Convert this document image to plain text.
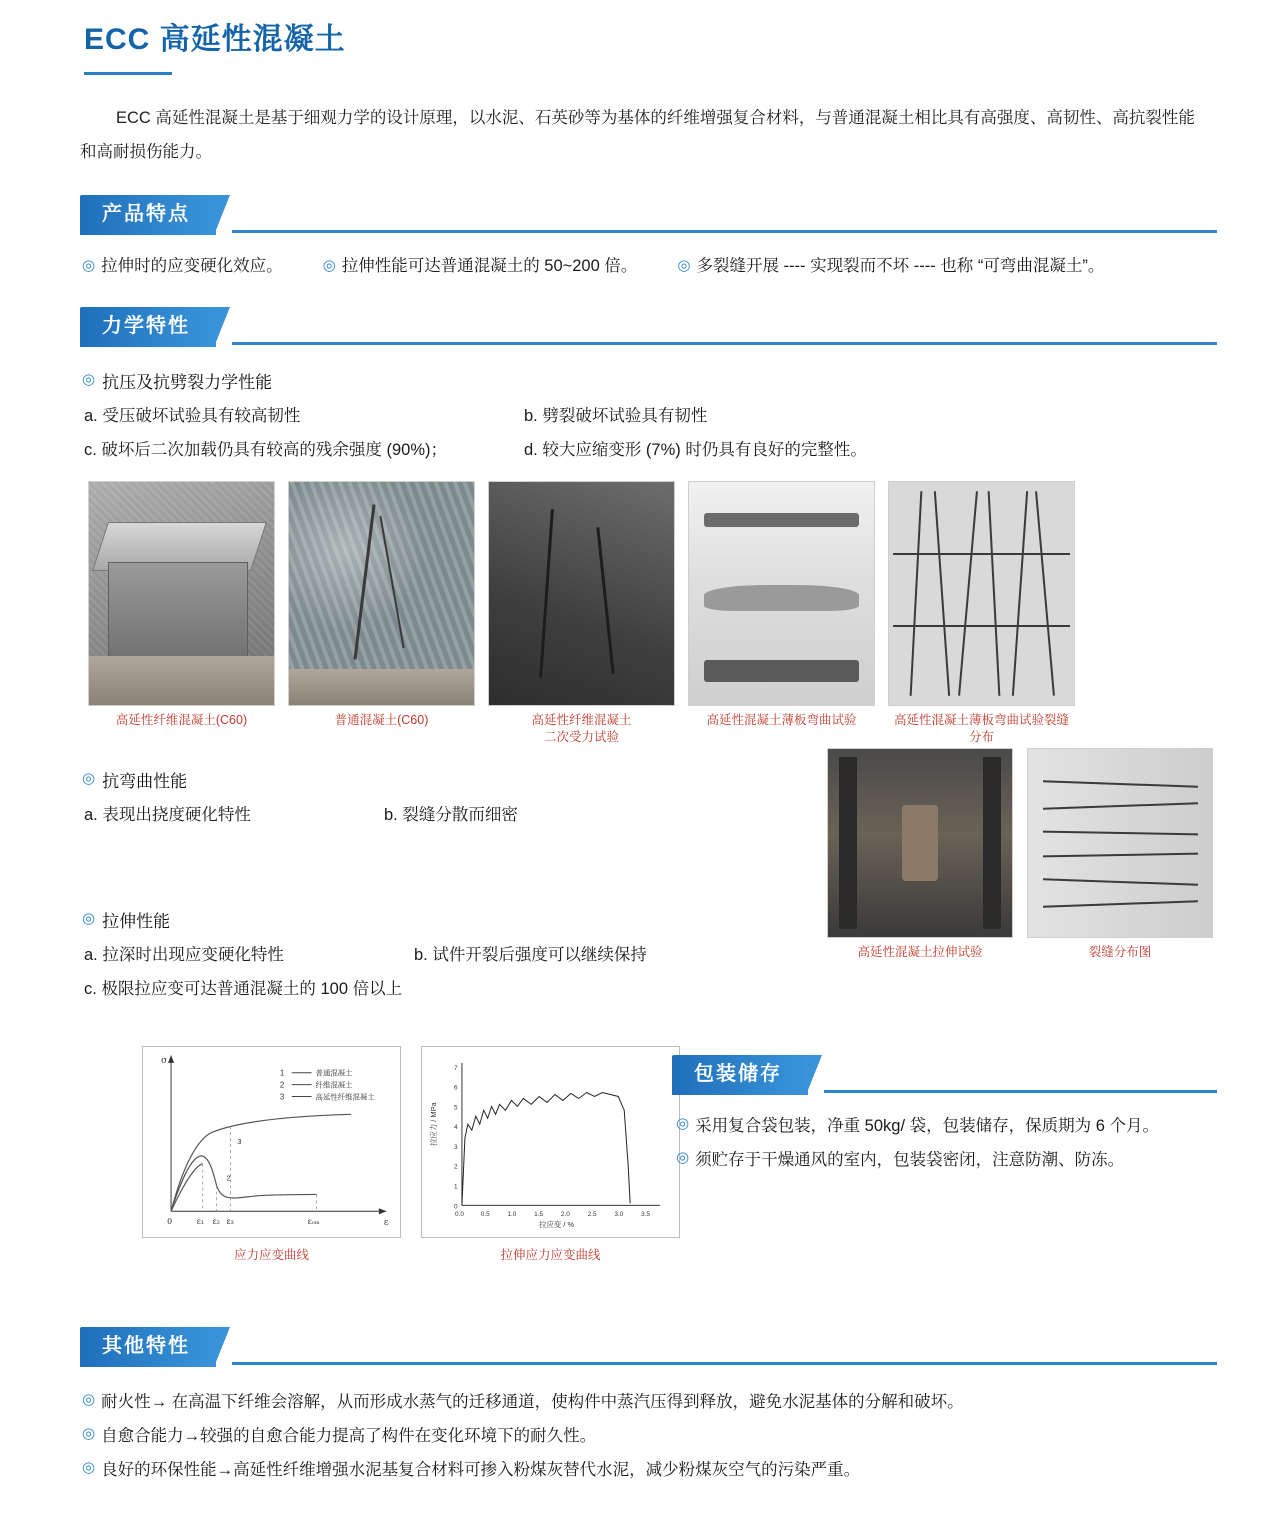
ECC 高延性混凝土

ECC 高延性混凝土是基于细观力学的设计原理，以水泥、石英砂等为基体的纤维增强复合材料，与普通混凝土相比具有高强度、高韧性、高抗裂性能和高耐损伤能力。

产品特点
◎ 拉伸时的应变硬化效应。	◎ 拉伸性能可达普通混凝土的 50~200 倍。	◎ 多裂缝开展 ---- 实现裂而不坏 ---- 也称 “可弯曲混凝土”。
力学特性
◎ 抗压及抗劈裂力学性能
a. 受压破坏试验具有较高韧性	b. 劈裂破坏试验具有韧性
c. 破坏后二次加载仍具有较高的残余强度 (90%)；	d. 较大应缩变形 (7%) 时仍具有良好的完整性。
高延性纤维混凝土(C60)	普通混凝土(C60)	高延性纤维混凝土
二次受力试验
高延性混凝土薄板弯曲试验	高延性混凝土薄板弯曲试验裂缝分布
◎ 抗弯曲性能
a. 表现出挠度硬化特性	b. 裂缝分散而细密
◎ 拉伸性能
a. 拉深时出现应变硬化特性	b. 试件开裂后强度可以继续保持
c. 极限拉应变可达普通混凝土的 100 倍以上
高延性混凝土拉伸试验	裂缝分布图
σ
ε
0	ε₁ ε₂ ε₃	εₒₘ
1
2
3
普通混凝土
纤维混凝土
高延性纤维混凝土
3
2
应力应变曲线
拉应力 / MPa
拉应变 / %
0
1
2
3
4
5
6
7
0.0	0.5	1.0	1.5	2.0	2.5	3.0	3.5
拉伸应力应变曲线
包装储存
◎ 采用复合袋包装，净重 50kg/ 袋，包装储存，保质期为 6 个月。
◎ 须贮存于干燥通风的室内，包装袋密闭，注意防潮、防冻。
其他特性
◎ 耐火性→ 在高温下纤维会溶解，从而形成水蒸气的迁移通道，使构件中蒸汽压得到释放，避免水泥基体的分解和破坏。
◎ 自愈合能力→较强的自愈合能力提高了构件在变化环境下的耐久性。
◎ 良好的环保性能→高延性纤维增强水泥基复合材料可掺入粉煤灰替代水泥，减少粉煤灰空气的污染严重。
